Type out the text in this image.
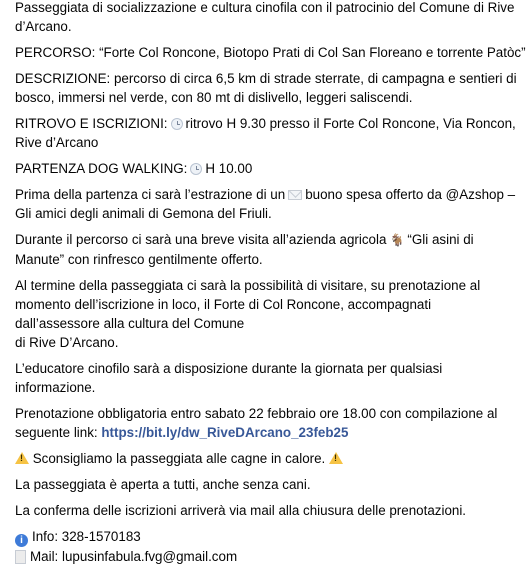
Passeggiata di socializzazione e cultura cinofila con il patrocinio del Comune di Rive
d’Arcano.
PERCORSO: “Forte Col Roncone, Biotopo Prati di Col San Floreano e torrente Patòc”
DESCRIZIONE: percorso di circa 6,5 km di strade sterrate, di campagna e sentieri di
bosco, immersi nel verde, con 80 mt di dislivello, leggeri saliscendi.
RITROVO E ISCRIZIONI: ritrovo H 9.30 presso il Forte Col Roncone, Via Roncon,
Rive d’Arcano
PARTENZA DOG WALKING: H 10.00
Prima della partenza ci sarà l’estrazione di un buono spesa offerto da @Azshop –
Gli amici degli animali di Gemona del Friuli.
Durante il percorso ci sarà una breve visita all’azienda agricola 🐐 “Gli asini di
Manute” con rinfresco gentilmente offerto.
Al termine della passeggiata ci sarà la possibilità di visitare, su prenotazione al
momento dell’iscrizione in loco, il Forte di Col Roncone, accompagnati
dall’assessore alla cultura del Comune
di Rive D’Arcano.
L’educatore cinofilo sarà a disposizione durante la giornata per qualsiasi
informazione.
Prenotazione obbligatoria entro sabato 22 febbraio ore 18.00 con compilazione al
seguente link: https://bit.ly/dw_RiveDArcano_23feb25
! Sconsigliamo la passeggiata alle cagne in calore. !
La passeggiata è aperta a tutti, anche senza cani.
La conferma delle iscrizioni arriverà via mail alla chiusura delle prenotazioni.
i Info: 328-1570183
Mail: lupusinfabula.fvg@gmail.com
